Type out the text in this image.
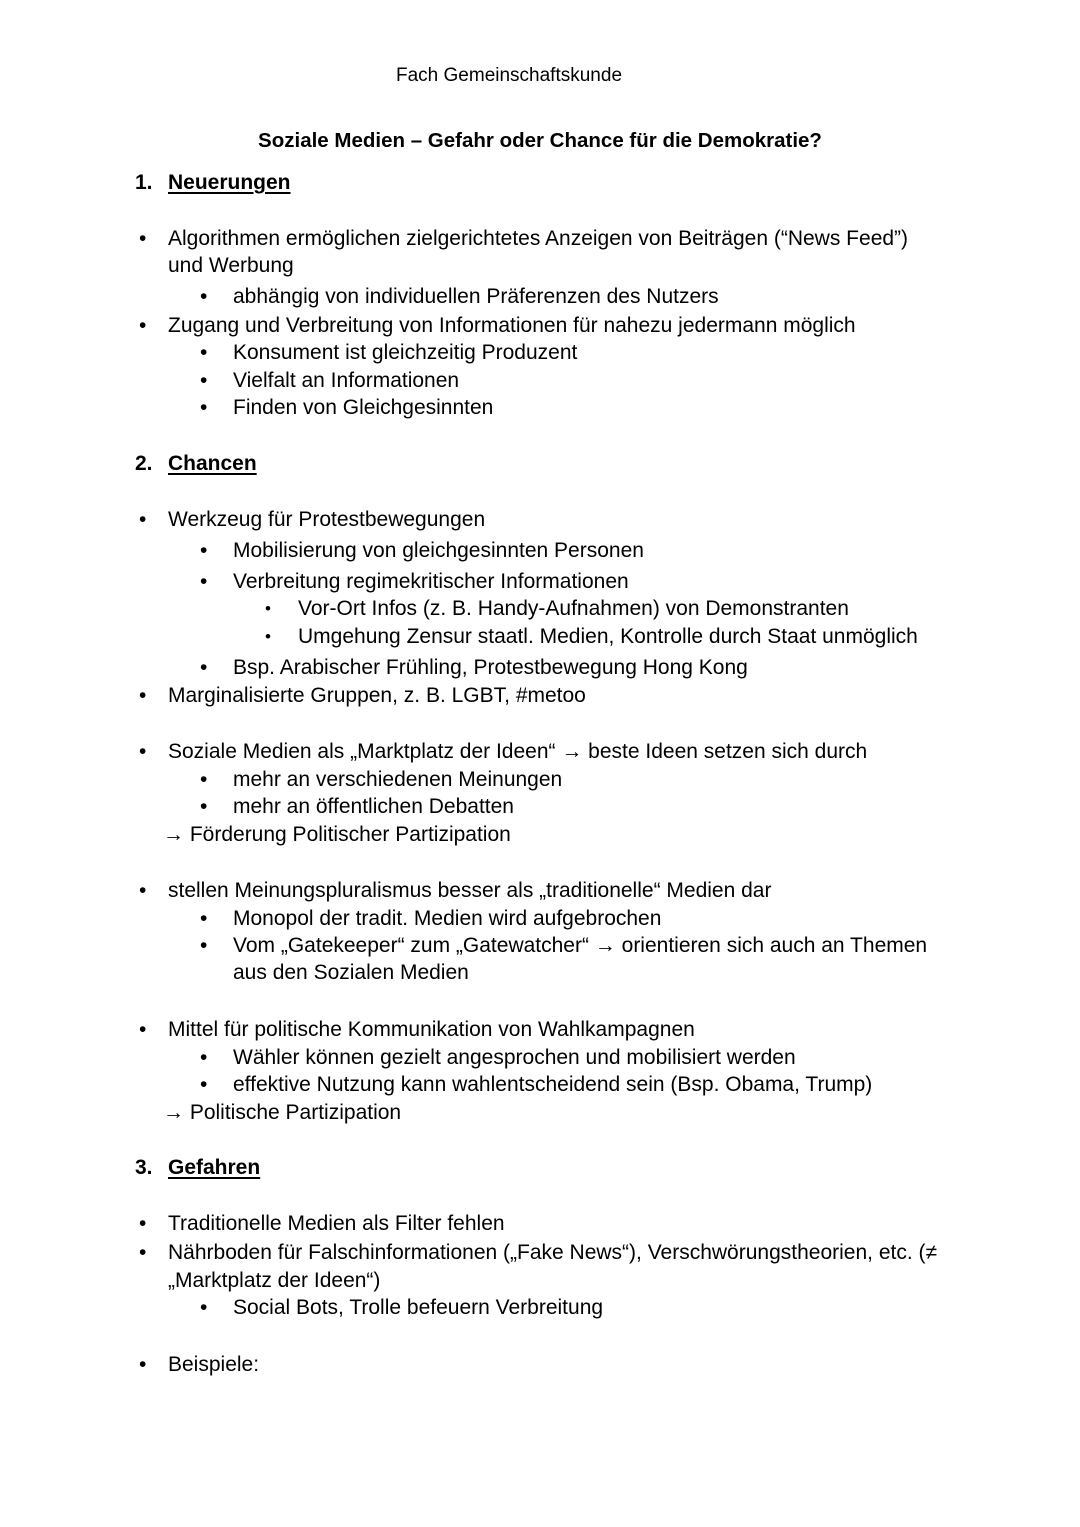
Fach Gemeinschaftskunde
Soziale Medien – Gefahr oder Chance für die Demokratie?
1. Neuerungen
2. Chancen
3. Gefahren
• Algorithmen ermöglichen zielgerichtetes Anzeigen von Beiträgen (“News Feed”)
und Werbung
• abhängig von individuellen Präferenzen des Nutzers
• Zugang und Verbreitung von Informationen für nahezu jedermann möglich
• Konsument ist gleichzeitig Produzent
• Vielfalt an Informationen
• Finden von Gleichgesinnten
• Werkzeug für Protestbewegungen
• Mobilisierung von gleichgesinnten Personen
• Verbreitung regimekritischer Informationen
• Vor-Ort Infos (z. B. Handy-Aufnahmen) von Demonstranten
• Umgehung Zensur staatl. Medien, Kontrolle durch Staat unmöglich
• Bsp. Arabischer Frühling, Protestbewegung Hong Kong
• Marginalisierte Gruppen, z. B. LGBT, #metoo
• Soziale Medien als „Marktplatz der Ideen“ → beste Ideen setzen sich durch
• mehr an verschiedenen Meinungen
• mehr an öffentlichen Debatten
→ Förderung Politischer Partizipation
• stellen Meinungspluralismus besser als „traditionelle“ Medien dar
• Monopol der tradit. Medien wird aufgebrochen
• Vom „Gatekeeper“ zum „Gatewatcher“ → orientieren sich auch an Themen
aus den Sozialen Medien
• Mittel für politische Kommunikation von Wahlkampagnen
• Wähler können gezielt angesprochen und mobilisiert werden
• effektive Nutzung kann wahlentscheidend sein (Bsp. Obama, Trump)
→ Politische Partizipation
• Traditionelle Medien als Filter fehlen
• Nährboden für Falschinformationen („Fake News“), Verschwörungstheorien, etc. (≠
„Marktplatz der Ideen“)
• Social Bots, Trolle befeuern Verbreitung
• Beispiele:
